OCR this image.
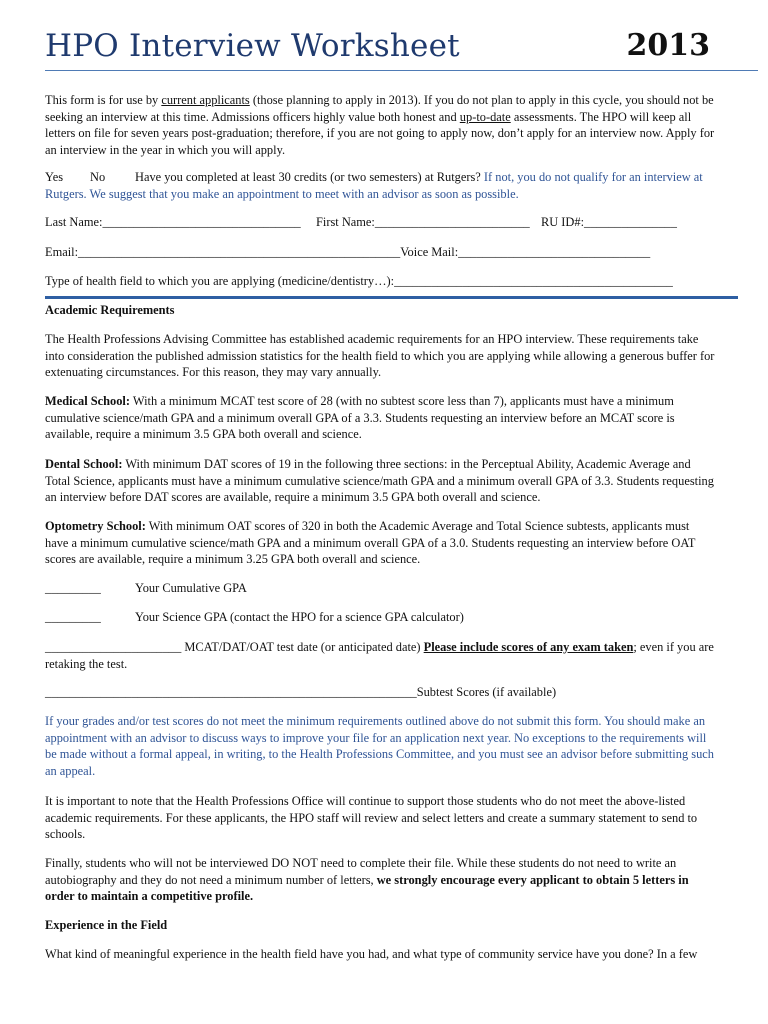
HPO Interview Worksheet	2013
This form is for use by current applicants (those planning to apply in 2013). If you do not plan to apply in this cycle, you should not be seeking an interview at this time. Admissions officers highly value both honest and up-to-date assessments. The HPO will keep all letters on file for seven years post-graduation; therefore, if you are not going to apply now, don’t apply for an interview now. Apply for an interview in the year in which you will apply.
Yes No Have you completed at least 30 credits (or two semesters) at Rutgers? If not, you do not qualify for an interview at Rutgers. We suggest that you make an appointment to meet with an advisor as soon as possible.
Last Name:________________________________ First Name:_________________________ RU ID#:_______________
Email:____________________________________________________Voice Mail:_______________________________
Type of health field to which you are applying (medicine/dentistry…):_____________________________________________
Academic Requirements
The Health Professions Advising Committee has established academic requirements for an HPO interview. These requirements take into consideration the published admission statistics for the health field to which you are applying while allowing a generous buffer for extenuating circumstances. For this reason, they may vary annually.
Medical School: With a minimum MCAT test score of 28 (with no subtest score less than 7), applicants must have a minimum cumulative science/math GPA and a minimum overall GPA of a 3.3. Students requesting an interview before an MCAT score is available, require a minimum 3.5 GPA both overall and science.
Dental School: With minimum DAT scores of 19 in the following three sections: in the Perceptual Ability, Academic Average and Total Science, applicants must have a minimum cumulative science/math GPA and a minimum overall GPA of 3.3. Students requesting an interview before DAT scores are available, require a minimum 3.5 GPA both overall and science.
Optometry School: With minimum OAT scores of 320 in both the Academic Average and Total Science subtests, applicants must have a minimum cumulative science/math GPA and a minimum overall GPA of a 3.0. Students requesting an interview before OAT scores are available, require a minimum 3.25 GPA both overall and science.
_________	Your Cumulative GPA
_________	Your Science GPA (contact the HPO for a science GPA calculator)
______________________ MCAT/DAT/OAT test date (or anticipated date) Please include scores of any exam taken; even if you are retaking the test.
____________________________________________________________Subtest Scores (if available)
If your grades and/or test scores do not meet the minimum requirements outlined above do not submit this form. You should make an appointment with an advisor to discuss ways to improve your file for an application next year. No exceptions to the requirements will be made without a formal appeal, in writing, to the Health Professions Committee, and you must see an advisor before submitting such an appeal.
It is important to note that the Health Professions Office will continue to support those students who do not meet the above-listed academic requirements. For these applicants, the HPO staff will review and select letters and create a summary statement to send to schools.
Finally, students who will not be interviewed DO NOT need to complete their file. While these students do not need to write an autobiography and they do not need a minimum number of letters, we strongly encourage every applicant to obtain 5 letters in order to maintain a competitive profile.
Experience in the Field
What kind of meaningful experience in the health field have you had, and what type of community service have you done? In a few
